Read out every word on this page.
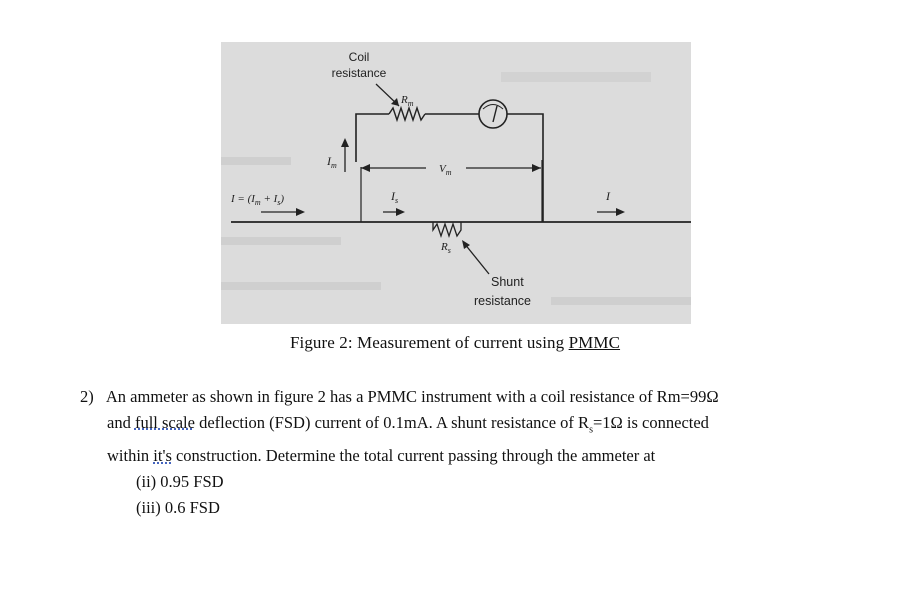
Coil
resistance
$R_m$
$V_m$
$I_m$
$R_s$
$I = (I_m + I_s)$	$I_s$	I
Shunt
resistance
Figure 2: Measurement of current using PMMC
2) An ammeter as shown in figure 2 has a PMMC instrument with a coil resistance of Rm=99Ω
and full scale deflection (FSD) current of 0.1mA. A shunt resistance of $R_s=1\Omega$ is connected
within it's construction. Determine the total current passing through the ammeter at
(ii) 0.95 FSD
(iii) 0.6 FSD
